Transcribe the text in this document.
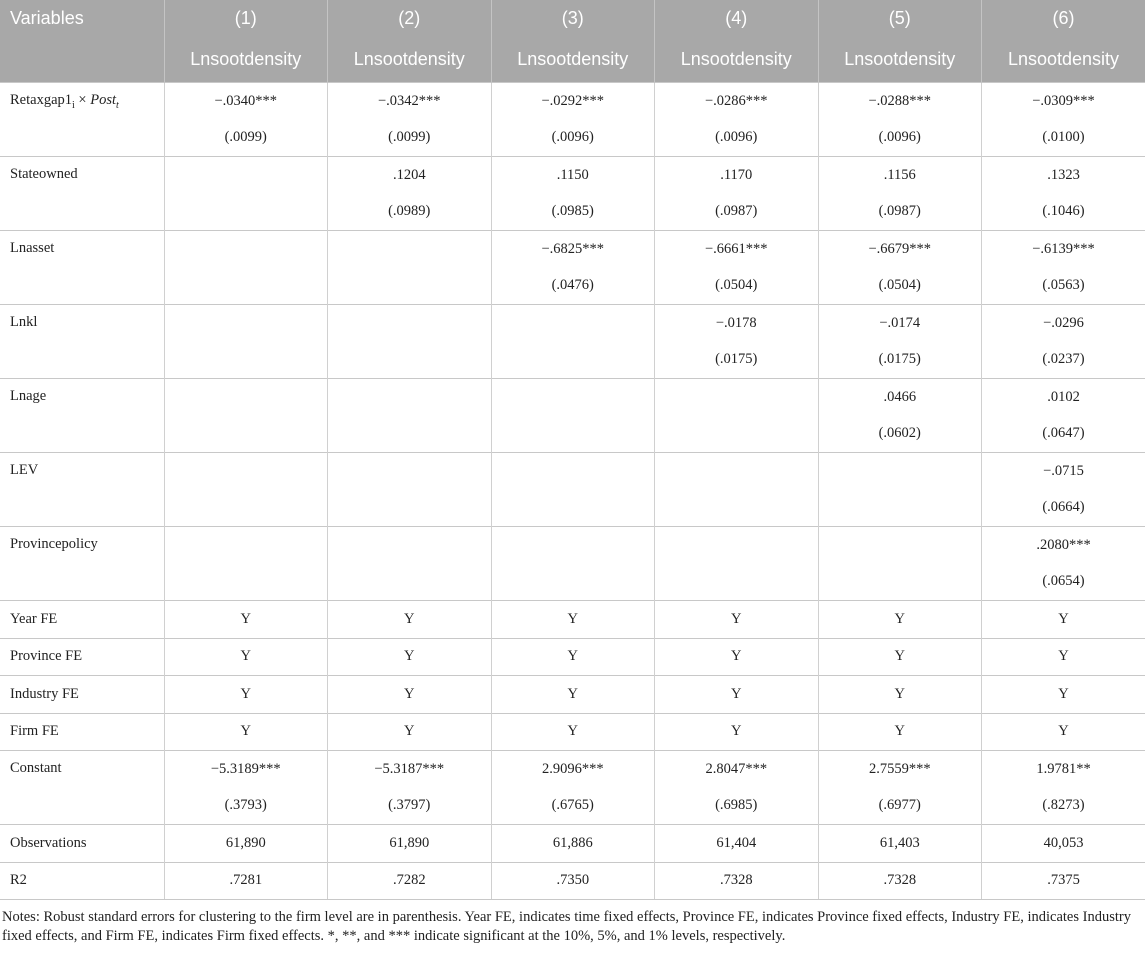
Variables	(1)	(2)	(3)	(4)	(5)	(6)
	Lnsootdensity	Lnsootdensity	Lnsootdensity	Lnsootdensity	Lnsootdensity	Lnsootdensity
$Retaxgap1_i$ × Post$_t$	−.0340***	−.0342***	−.0292***	−.0286***	−.0288***	−.0309***
	(.0099)	(.0099)	(.0096)	(.0096)	(.0096)	(.0100)
Stateowned		.1204	.1150	.1170	.1156	.1323
		(.0989)	(.0985)	(.0987)	(.0987)	(.1046)
Lnasset			−.6825***	−.6661***	−.6679***	−.6139***
			(.0476)	(.0504)	(.0504)	(.0563)
Lnkl				−.0178	−.0174	−.0296
				(.0175)	(.0175)	(.0237)
Lnage					.0466	.0102
					(.0602)	(.0647)
LEV						−.0715
						(.0664)
Provincepolicy						.2080***
						(.0654)
Year FE	Y	Y	Y	Y	Y	Y
Province FE	Y	Y	Y	Y	Y	Y
Industry FE	Y	Y	Y	Y	Y	Y
Firm FE	Y	Y	Y	Y	Y	Y
Constant	−5.3189***	−5.3187***	2.9096***	2.8047***	2.7559***	1.9781**
	(.3793)	(.3797)	(.6765)	(.6985)	(.6977)	(.8273)
Observations	61,890	61,890	61,886	61,404	61,403	40,053
R2	.7281	.7282	.7350	.7328	.7328	.7375
Notes: Robust standard errors for clustering to the firm level are in parenthesis. Year FE, indicates time fixed effects, Province FE, indicates Province fixed effects, Industry FE, indicates Industry fixed effects, and Firm FE, indicates Firm fixed effects. *, **, and *** indicate significant at the 10%, 5%, and 1% levels, respectively.
